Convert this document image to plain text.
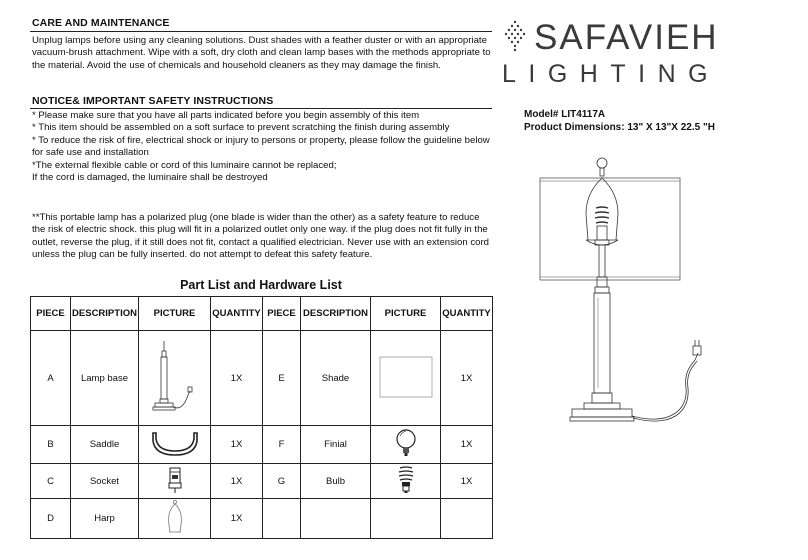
CARE AND MAINTENANCE
Unplug lamps before using any cleaning solutions. Dust shades with a feather duster or with an appropriate
vacuum-brush attachment. Wipe with a soft, dry cloth and clean lamp bases with the methods appropriate to
the material. Avoid the use of chemicals and household cleaners as they may damage the finish.
NOTICE& IMPORTANT SAFETY INSTRUCTIONS
* Please make sure that you have all parts indicated before you begin assembly of this item
* This item should be assembled on a soft surface to prevent scratching the finish during assembly
* To reduce the risk of fire, electrical shock or injury to persons or property, please follow the guideline below
for safe use and installation
*The external flexible cable or cord of this luminaire cannot be replaced;
If the cord is damaged, the luminaire shall be destroyed
**This portable lamp has a polarized plug (one blade is wider than the other) as a safety feature to reduce
the risk of electric shock. this plug will fit in a polarized outlet only one way. if the plug does not fit fully in the
outlet, reverse the plug, if it still does not fit, contact a qualified electrician. Never use with an extension cord
unless the plug can be fully inserted. do not attempt to defeat this safety feature.
SAFAVIEH
LIGHTING
Model# LIT4117A
Product Dimensions: 13" X 13"X 22.5 "H
Part List and Hardware List
PIECE	DESCRIPTION	PICTURE	QUANTITY	PIECE	DESCRIPTION	PICTURE	QUANTITY
A	Lamp base		1X	E	Shade		1X
B	Saddle		1X	F	Finial		1X
C	Socket		1X	G	Bulb		1X
D	Harp		1X				
